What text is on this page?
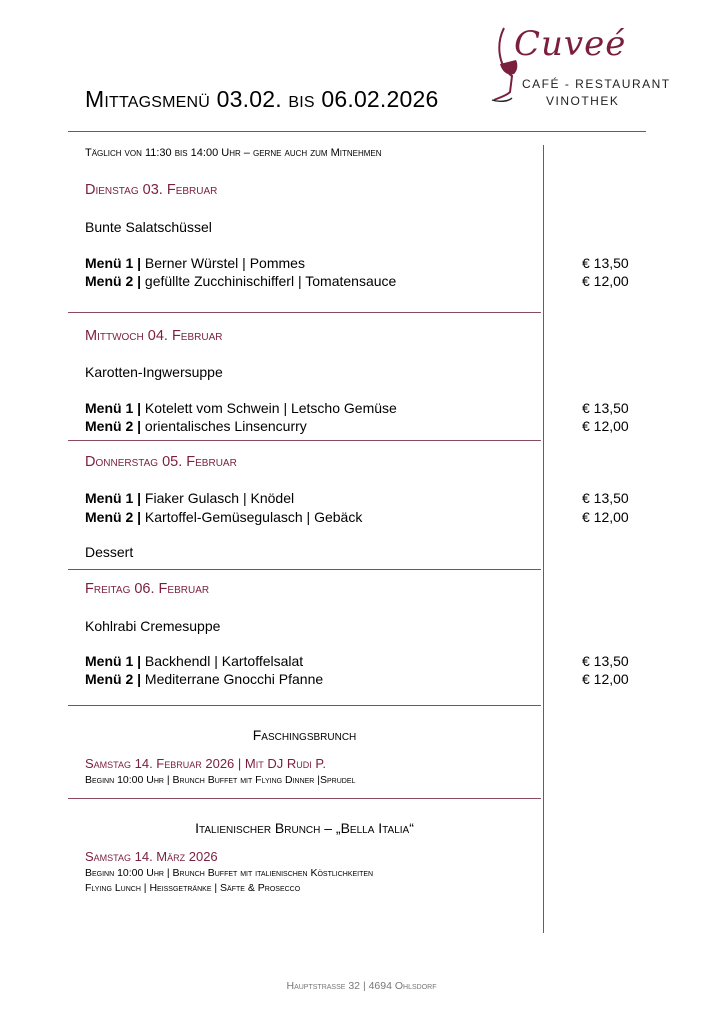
Cuveé
CAFÉ - RESTAURANT
VINOTHEK
Mittagsmenü 03.02. bis 06.02.2026
Täglich von 11:30 bis 14:00 Uhr – gerne auch zum Mitnehmen
Dienstag 03. Februar
Bunte Salatschüssel
Menü 1 | Berner Würstel | Pommes	€ 13,50
Menü 2 | gefüllte Zucchinischifferl | Tomatensauce	€ 12,00
Mittwoch 04. Februar
Karotten-Ingwersuppe
Menü 1 | Kotelett vom Schwein | Letscho Gemüse	€ 13,50
Menü 2 | orientalisches Linsencurry	€ 12,00
Donnerstag 05. Februar
Menü 1 | Fiaker Gulasch | Knödel	€ 13,50
Menü 2 | Kartoffel-Gemüsegulasch | Gebäck	€ 12,00
Dessert
Freitag 06. Februar
Kohlrabi Cremesuppe
Menü 1 | Backhendl | Kartoffelsalat	€ 13,50
Menü 2 | Mediterrane Gnocchi Pfanne	€ 12,00
Faschingsbrunch
Samstag 14. Februar 2026 | Mit DJ Rudi P.
Beginn 10:00 Uhr | Brunch Buffet mit Flying Dinner |Sprudel
Italienischer Brunch – „Bella Italia“
Samstag 14. März 2026
Beginn 10:00 Uhr | Brunch Buffet mit italienischen Köstlichkeiten
Flying Lunch | Heißgetränke | Säfte & Prosecco
Hauptstraße 32 | 4694 Ohlsdorf
